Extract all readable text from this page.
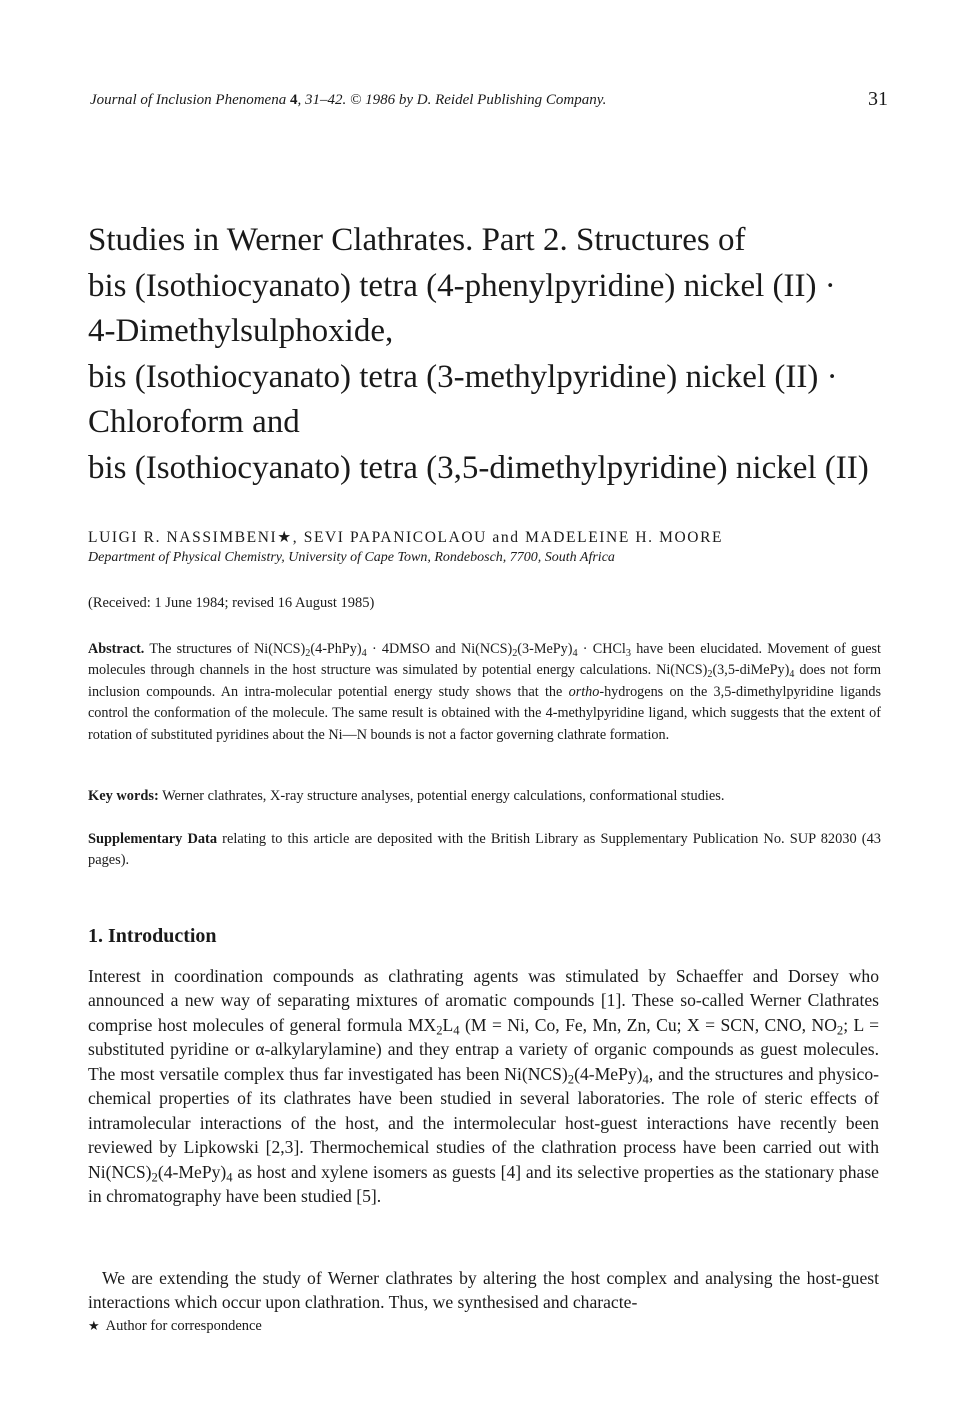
Journal of Inclusion Phenomena 4, 31–42. © 1986 by D. Reidel Publishing Company.	31
Studies in Werner Clathrates. Part 2. Structures of
bis (Isothiocyanato) tetra (4-phenylpyridine) nickel (II) ·
4-Dimethylsulphoxide,
bis (Isothiocyanato) tetra (3-methylpyridine) nickel (II) ·
Chloroform and
bis (Isothiocyanato) tetra (3,5-dimethylpyridine) nickel (II)
LUIGI R. NASSIMBENI★, SEVI PAPANICOLAOU and MADELEINE H. MOORE
Department of Physical Chemistry, University of Cape Town, Rondebosch, 7700, South Africa
(Received: 1 June 1984; revised 16 August 1985)
Abstract. The structures of $Ni(NCS)_2(4-PhPy)_4$ · 4DMSO and $Ni(NCS)_2(3-MePy)_4$ · CHCl$_3$ have been elucidated. Movement of guest molecules through channels in the host structure was simulated by potential energy calculations. $Ni(NCS)_2(3,5-diMePy)_4$ does not form inclusion compounds. An intra-molecular potential energy study shows that the ortho-hydrogens on the 3,5-dimethylpyridine ligands control the conformation of the molecule. The same result is obtained with the 4-methylpyridine ligand, which suggests that the extent of rotation of substituted pyridines about the Ni—N bounds is not a factor governing clathrate formation.
Key words: Werner clathrates, X-ray structure analyses, potential energy calculations, conformational studies.
Supplementary Data relating to this article are deposited with the British Library as Supplementary Publication No. SUP 82030 (43 pages).
1. Introduction
Interest in coordination compounds as clathrating agents was stimulated by Schaeffer and Dorsey who announced a new way of separating mixtures of aromatic compounds [1]. These so-called Werner Clathrates comprise host molecules of general formula $MX_2L_4$ (M = Ni, Co, Fe, Mn, Zn, Cu; X = SCN, CNO, $NO_2$; L = substituted pyridine or α-alkylarylamine) and they entrap a variety of organic compounds as guest molecules. The most versatile complex thus far investigated has been $Ni(NCS)_2(4-MePy)_4$, and the structures and physico-chemical properties of its clathrates have been studied in several laboratories. The role of steric effects of intramolecular interactions of the host, and the intermolecular host-guest interactions have recently been reviewed by Lipkowski [2,3]. Thermochemical studies of the clathration process have been carried out with $Ni(NCS)_2(4-MePy)_4$ as host and xylene isomers as guests [4] and its selective properties as the stationary phase in chromatography have been studied [5].
We are extending the study of Werner clathrates by altering the host complex and analysing the host-guest interactions which occur upon clathration. Thus, we synthesised and characte-
★ Author for correspondence
